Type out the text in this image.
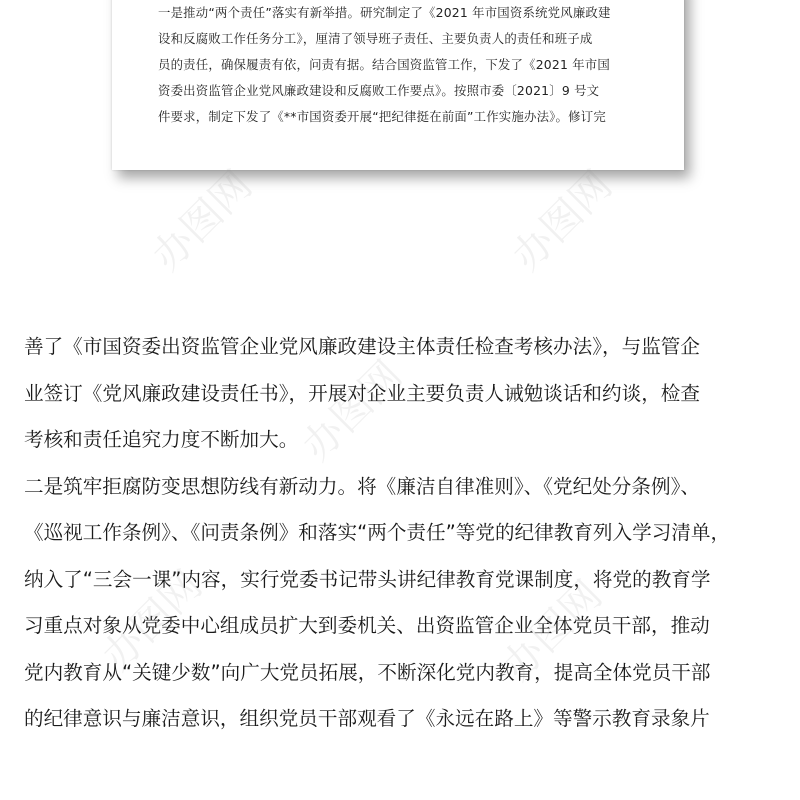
一是推动“两个责任”落实有新举措。研究制定了《2021 年市国资系统党风廉政建
设和反腐败工作任务分工》，厘清了领导班子责任、主要负责人的责任和班子成
员的责任，确保履责有依，问责有据。结合国资监管工作，下发了《2021 年市国
资委出资监管企业党风廉政建设和反腐败工作要点》。按照市委〔2021〕9 号文
件要求，制定下发了《**市国资委开展“把纪律挺在前面”工作实施办法》。修订完
善了《市国资委出资监管企业党风廉政建设主体责任检查考核办法》，与监管企
业签订《党风廉政建设责任书》，开展对企业主要负责人诫勉谈话和约谈，检查
考核和责任追究力度不断加大。
二是筑牢拒腐防变思想防线有新动力。将《廉洁自律准则》、《党纪处分条例》、
《巡视工作条例》、《问责条例》和落实“两个责任”等党的纪律教育列入学习清单，
纳入了“三会一课”内容，实行党委书记带头讲纪律教育党课制度，将党的教育学
习重点对象从党委中心组成员扩大到委机关、出资监管企业全体党员干部，推动
党内教育从“关键少数”向广大党员拓展，不断深化党内教育，提高全体党员干部
的纪律意识与廉洁意识，组织党员干部观看了《永远在路上》等警示教育录象片
办图网	办图网
办图网
办图网	办图网
